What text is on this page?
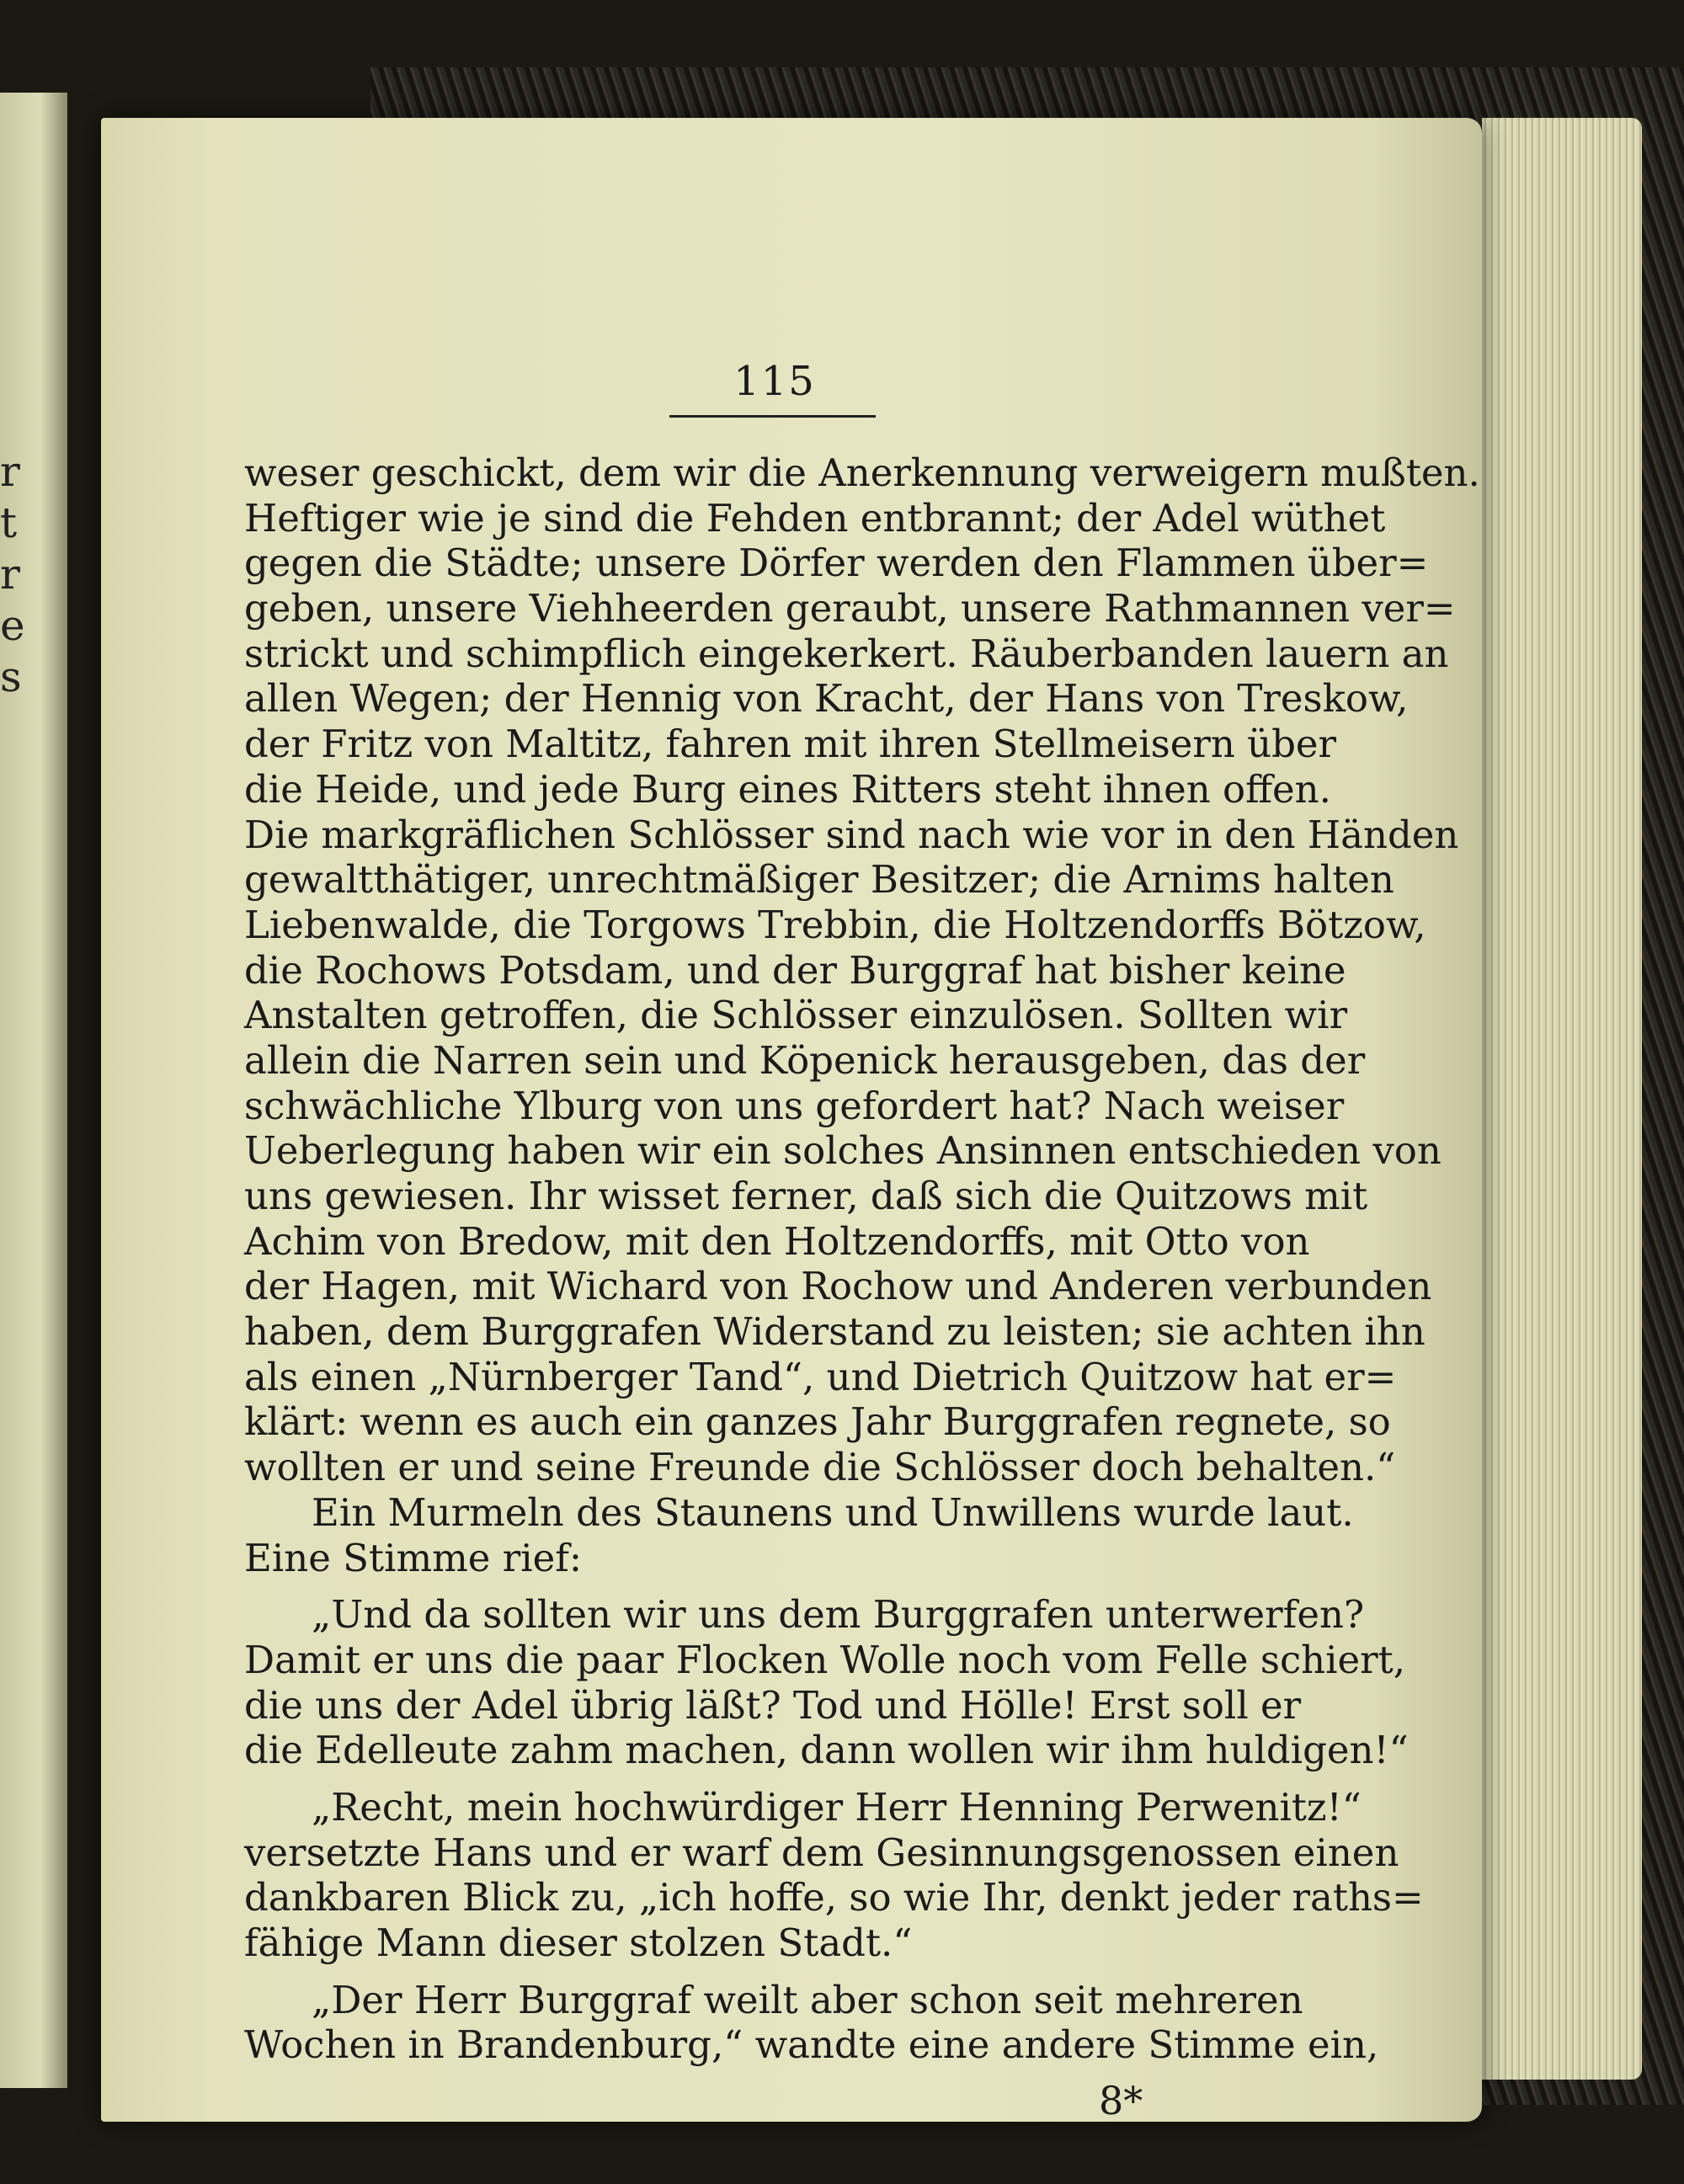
r
t
r
e
s
115
weser geschickt, dem wir die Anerkennung verweigern mußten.
Heftiger wie je sind die Fehden entbrannt; der Adel wüthet
gegen die Städte; unsere Dörfer werden den Flammen über=
geben, unsere Viehheerden geraubt, unsere Rathmannen ver=
strickt und schimpflich eingekerkert. Räuberbanden lauern an
allen Wegen; der Hennig von Kracht, der Hans von Treskow,
der Fritz von Maltitz, fahren mit ihren Stellmeisern über
die Heide, und jede Burg eines Ritters steht ihnen offen.
Die markgräflichen Schlösser sind nach wie vor in den Händen
gewaltthätiger, unrechtmäßiger Besitzer; die Arnims halten
Liebenwalde, die Torgows Trebbin, die Holtzendorffs Bötzow,
die Rochows Potsdam, und der Burggraf hat bisher keine
Anstalten getroffen, die Schlösser einzulösen. Sollten wir
allein die Narren sein und Köpenick herausgeben, das der
schwächliche Ylburg von uns gefordert hat? Nach weiser
Ueberlegung haben wir ein solches Ansinnen entschieden von
uns gewiesen. Ihr wisset ferner, daß sich die Quitzows mit
Achim von Bredow, mit den Holtzendorffs, mit Otto von
der Hagen, mit Wichard von Rochow und Anderen verbunden
haben, dem Burggrafen Widerstand zu leisten; sie achten ihn
als einen „Nürnberger Tand“, und Dietrich Quitzow hat er=
klärt: wenn es auch ein ganzes Jahr Burggrafen regnete, so
wollten er und seine Freunde die Schlösser doch behalten.“
Ein Murmeln des Staunens und Unwillens wurde laut.
Eine Stimme rief:
„Und da sollten wir uns dem Burggrafen unterwerfen?
Damit er uns die paar Flocken Wolle noch vom Felle schiert,
die uns der Adel übrig läßt? Tod und Hölle! Erst soll er
die Edelleute zahm machen, dann wollen wir ihm huldigen!“
„Recht, mein hochwürdiger Herr Henning Perwenitz!“
versetzte Hans und er warf dem Gesinnungsgenossen einen
dankbaren Blick zu, „ich hoffe, so wie Ihr, denkt jeder raths=
fähige Mann dieser stolzen Stadt.“
„Der Herr Burggraf weilt aber schon seit mehreren
Wochen in Brandenburg,“ wandte eine andere Stimme ein,
8*
